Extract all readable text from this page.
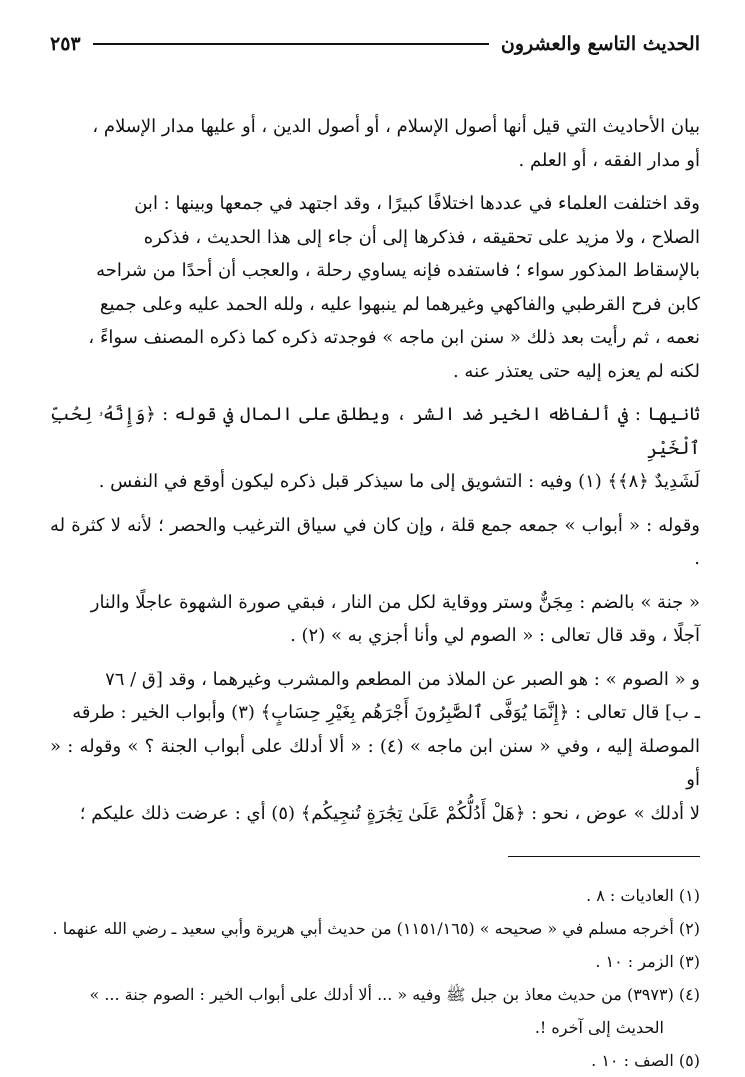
الحديث التاسع والعشرون
٢٥٣

بيان الأحاديث التي قيل أنها أصول الإسلام ، أو أصول الدين ، أو عليها مدار الإسلام ،
أو مدار الفقه ، أو العلم .

وقد اختلفت العلماء في عددها اختلافًا كبيرًا ، وقد اجتهد في جمعها وبينها : ابن
الصلاح ، ولا مزيد على تحقيقه ، فذكرها إلى أن جاء إلى هذا الحديث ، فذكره
بالإسقاط المذكور سواء ؛ فاستفده فإنه يساوي رحلة ، والعجب أن أحدًا من شراحه
كابن فرح القرطبي والفاكهي وغيرهما لم ينبهوا عليه ، ولله الحمد عليه وعلى جميع
نعمه ، ثم رأيت بعد ذلك « سنن ابن ماجه » فوجدته ذكره كما ذكره المصنف سواءً ،
لكنه لم يعزه إليه حتى يعتذر عنه .

ثانيها : في ألفاظه الخير ضد الشر ، ويطلق على المال في قوله : ﴿وَإِنَّهُۥ لِحُبِّ ٱلْخَيْرِ
لَشَدِيدٌ ﴿٨﴾﴾ (١) وفيه : التشويق إلى ما سيذكر قبل ذكره ليكون أوقع في النفس .

وقوله : « أبواب » جمعه جمع قلة ، وإن كان في سياق الترغيب والحصر ؛ لأنه لا كثرة له .

« جنة » بالضم : مِجَنٌّ وستر ووقاية لكل من النار ، فبقي صورة الشهوة عاجلًا والنار
آجلًا ، وقد قال تعالى : « الصوم لي وأنا أجزي به » (٢) .

و « الصوم » : هو الصبر عن الملاذ من المطعم والمشرب وغيرهما ، وقد [ق / ٧٦
ـ ب] قال تعالى : ﴿إِنَّمَا يُوَفَّى ٱلصَّٰبِرُونَ أَجْرَهُم بِغَيْرِ حِسَابٍ﴾ (٣) وأبواب الخير : طرقه
الموصلة إليه ، وفي « سنن ابن ماجه » (٤) : « ألا أدلك على أبواب الجنة ؟ » وقوله : « أو
لا أدلك » عوض ، نحو : ﴿هَلْ أَدُلُّكُمْ عَلَىٰ تِجَٰرَةٍ تُنجِيكُم﴾ (٥) أي : عرضت ذلك عليكم ؛

(١) العاديات : ٨ .
(٢) أخرجه مسلم في « صحيحه » (١١٥١/١٦٥) من حديث أبي هريرة وأبي سعيد ـ رضي الله عنهما .
(٣) الزمر : ١٠ .
(٤) (٣٩٧٣) من حديث معاذ بن جبل ﷺ وفيه « ... ألا أدلك على أبواب الخير : الصوم جنة ... »
الحديث إلى آخره !.
(٥) الصف : ١٠ .
